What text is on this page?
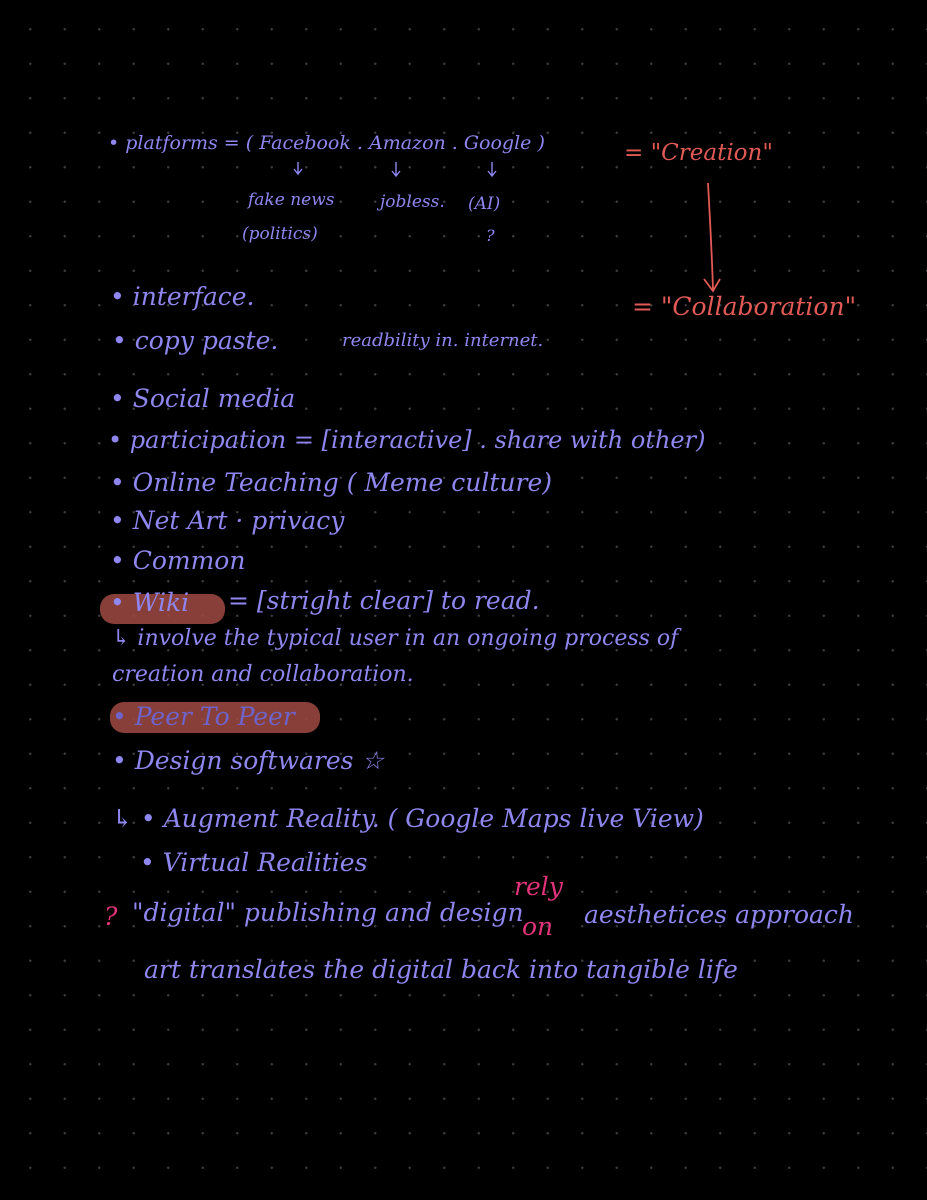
• platforms = ( Facebook . Amazon . Google )
fake news
(politics)
jobless. (AI)
?
= "Creation"
= "Collaboration"
• interface.
• copy paste.	readbility in. internet.
• Social media
• participation = [interactive] . share with other)
• Online Teaching ( Meme culture)
• Net Art · privacy
• Common
• Wiki = [stright clear] to read.
↳ involve the typical user in an ongoing process of
creation and collaboration.
• Peer To Peer
• Design softwares ☆
↳ • Augment Reality. ( Google Maps live View)
• Virtual Realities
? "digital" publishing and design
rely
on aesthetices approach
art translates the digital back into tangible life
